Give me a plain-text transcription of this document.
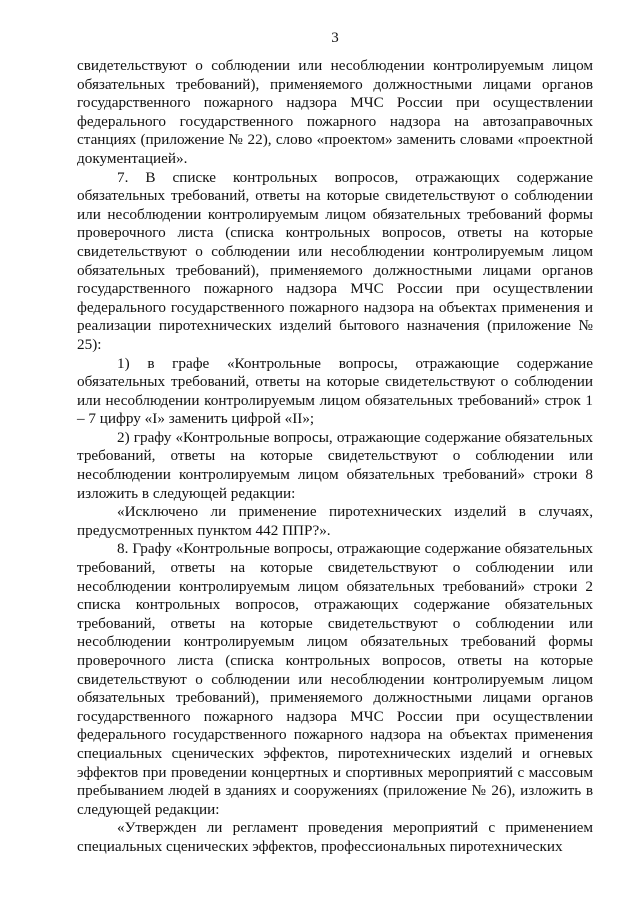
3

свидетельствуют о соблюдении или несоблюдении контролируемым лицом обязательных требований), применяемого должностными лицами органов государственного пожарного надзора МЧС России при осуществлении федерального государственного пожарного надзора на автозаправочных станциях (приложение № 22), слово «проектом» заменить словами «проектной документацией».

7. В списке контрольных вопросов, отражающих содержание обязательных требований, ответы на которые свидетельствуют о соблюдении или несоблюдении контролируемым лицом обязательных требований формы проверочного листа (списка контрольных вопросов, ответы на которые свидетельствуют о соблюдении или несоблюдении контролируемым лицом обязательных требований), применяемого должностными лицами органов государственного пожарного надзора МЧС России при осуществлении федерального государственного пожарного надзора на объектах применения и реализации пиротехнических изделий бытового назначения (приложение № 25):

1) в графе «Контрольные вопросы, отражающие содержание обязательных требований, ответы на которые свидетельствуют о соблюдении или несоблюдении контролируемым лицом обязательных требований» строк 1 – 7 цифру «I» заменить цифрой «II»;

2) графу «Контрольные вопросы, отражающие содержание обязательных требований, ответы на которые свидетельствуют о соблюдении или несоблюдении контролируемым лицом обязательных требований» строки 8 изложить в следующей редакции:

«Исключено ли применение пиротехнических изделий в случаях, предусмотренных пунктом 442 ППР?».

8. Графу «Контрольные вопросы, отражающие содержание обязательных требований, ответы на которые свидетельствуют о соблюдении или несоблюдении контролируемым лицом обязательных требований» строки 2 списка контрольных вопросов, отражающих содержание обязательных требований, ответы на которые свидетельствуют о соблюдении или несоблюдении контролируемым лицом обязательных требований формы проверочного листа (списка контрольных вопросов, ответы на которые свидетельствуют о соблюдении или несоблюдении контролируемым лицом обязательных требований), применяемого должностными лицами органов государственного пожарного надзора МЧС России при осуществлении федерального государственного пожарного надзора на объектах применения специальных сценических эффектов, пиротехнических изделий и огневых эффектов при проведении концертных и спортивных мероприятий с массовым пребыванием людей в зданиях и сооружениях (приложение № 26), изложить в следующей редакции:

«Утвержден ли регламент проведения мероприятий с применением специальных сценических эффектов, профессиональных пиротехнических
